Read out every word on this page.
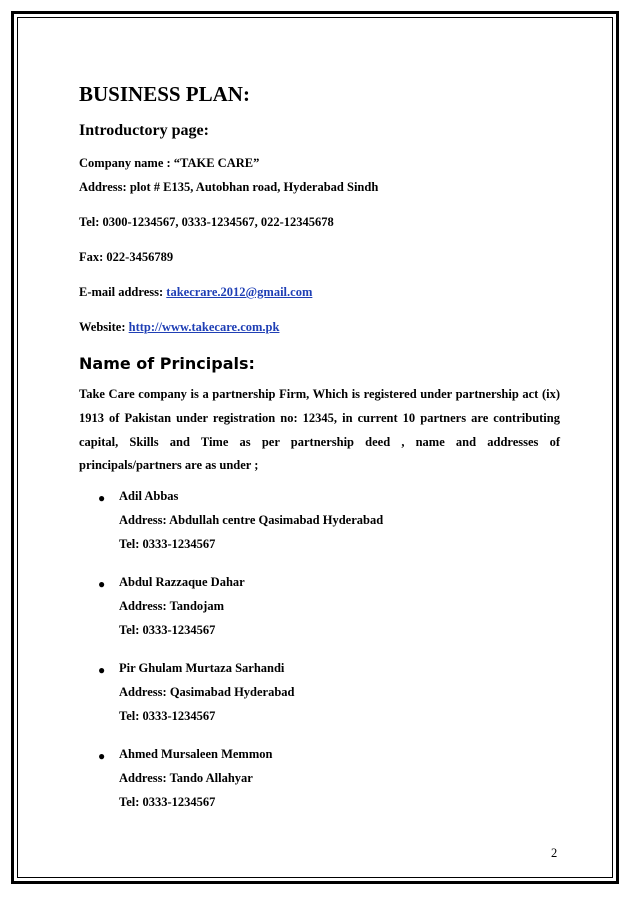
BUSINESS PLAN:
Introductory page:
Company name : “TAKE CARE”
Address: plot # E135, Autobhan road, Hyderabad Sindh
Tel: 0300-1234567, 0333-1234567, 022-12345678
Fax: 022-3456789
E-mail address: takecrare.2012@gmail.com
Website: http://www.takecare.com.pk
Name of Principals:
Take Care company is a partnership Firm, Which is registered under partnership act (ix) 1913 of Pakistan under registration no: 12345, in current 10 partners are contributing capital, Skills and Time as per partnership deed , name and addresses of principals/partners are as under ;
● Adil Abbas
Address: Abdullah centre Qasimabad Hyderabad
Tel: 0333-1234567
● Abdul Razzaque Dahar
Address: Tandojam
Tel: 0333-1234567
● Pir Ghulam Murtaza Sarhandi
Address: Qasimabad Hyderabad
Tel: 0333-1234567
● Ahmed Mursaleen Memmon
Address: Tando Allahyar
Tel: 0333-1234567
2
